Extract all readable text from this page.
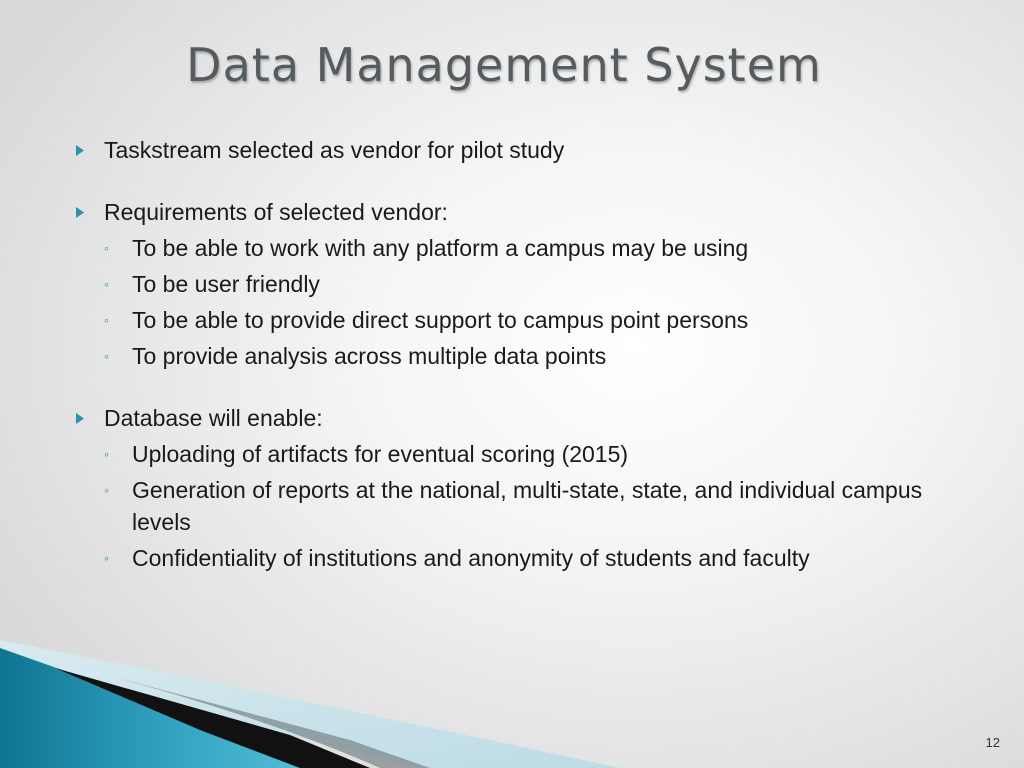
Data Management System
Taskstream selected as vendor for pilot study
Requirements of selected vendor:
◦ To be able to work with any platform a campus may be using
◦ To be user friendly
◦ To be able to provide direct support to campus point persons
◦ To provide analysis across multiple data points
Database will enable:
◦ Uploading of artifacts for eventual scoring (2015)
◦ Generation of reports at the national, multi-state, state, and individual campus levels
◦ Confidentiality of institutions and anonymity of students and faculty
12
